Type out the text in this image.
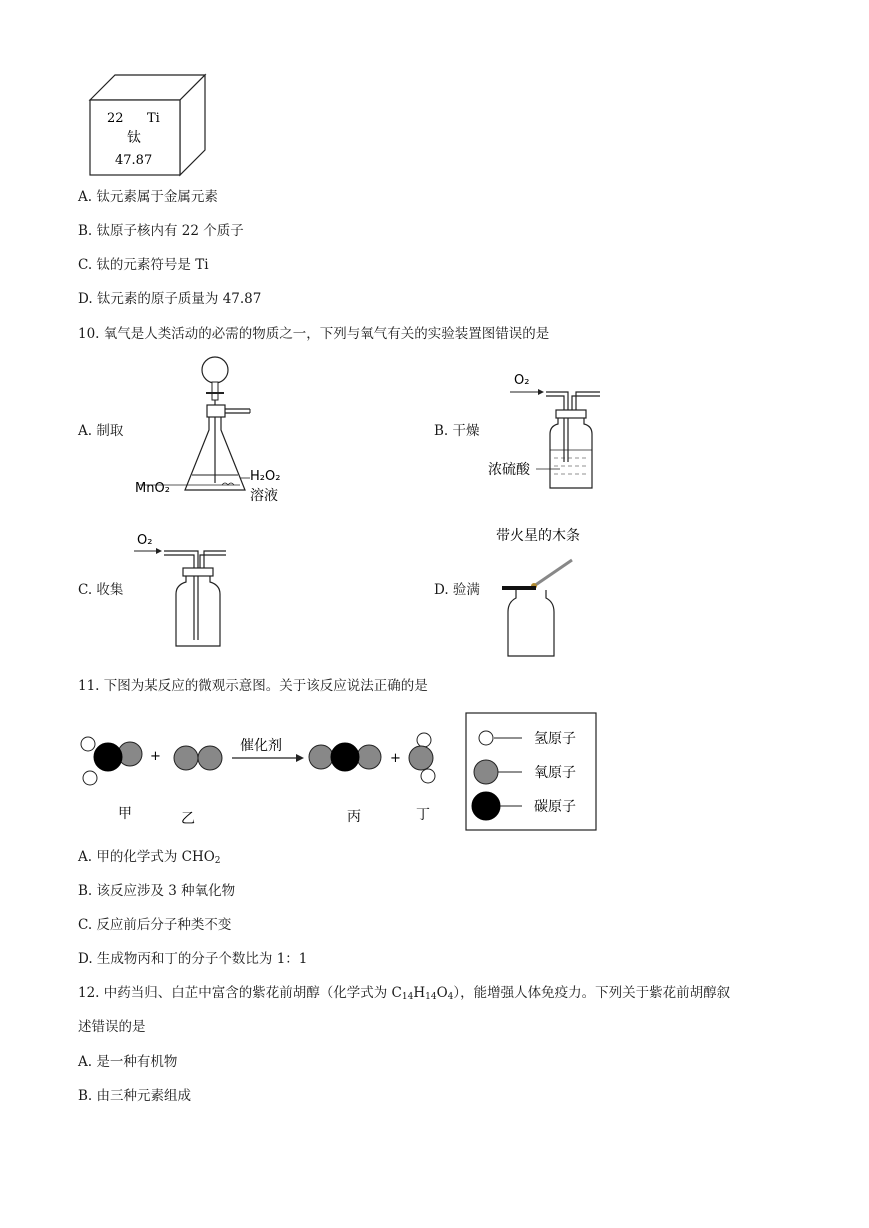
22 Ti
钛
47.87
A. 钛元素属于金属元素
B. 钛原子核内有 22 个质子
C. 钛的元素符号是 Ti
D. 钛元素的原子质量为 47.87
10. 氧气是人类活动的必需的物质之一，下列与氧气有关的实验装置图错误的是
A. 制取	B. 干燥
C. 收集	D. 验满
MnO₂
H₂O₂
溶液
O₂
浓硫酸
O₂	带火星的木条
11. 下图为某反应的微观示意图。关于该反应说法正确的是
+
催化剂
+
甲	乙	丙	丁
氢原子
氧原子
碳原子
A. 甲的化学式为 $CHO_2$
B. 该反应涉及 3 种氧化物
C. 反应前后分子种类不变
D. 生成物丙和丁的分子个数比为 1：1
12. 中药当归、白芷中富含的紫花前胡醇（化学式为 $C_{14}H_{14}O_4$），能增强人体免疫力。下列关于紫花前胡醇叙
述错误的是
A. 是一种有机物
B. 由三种元素组成
